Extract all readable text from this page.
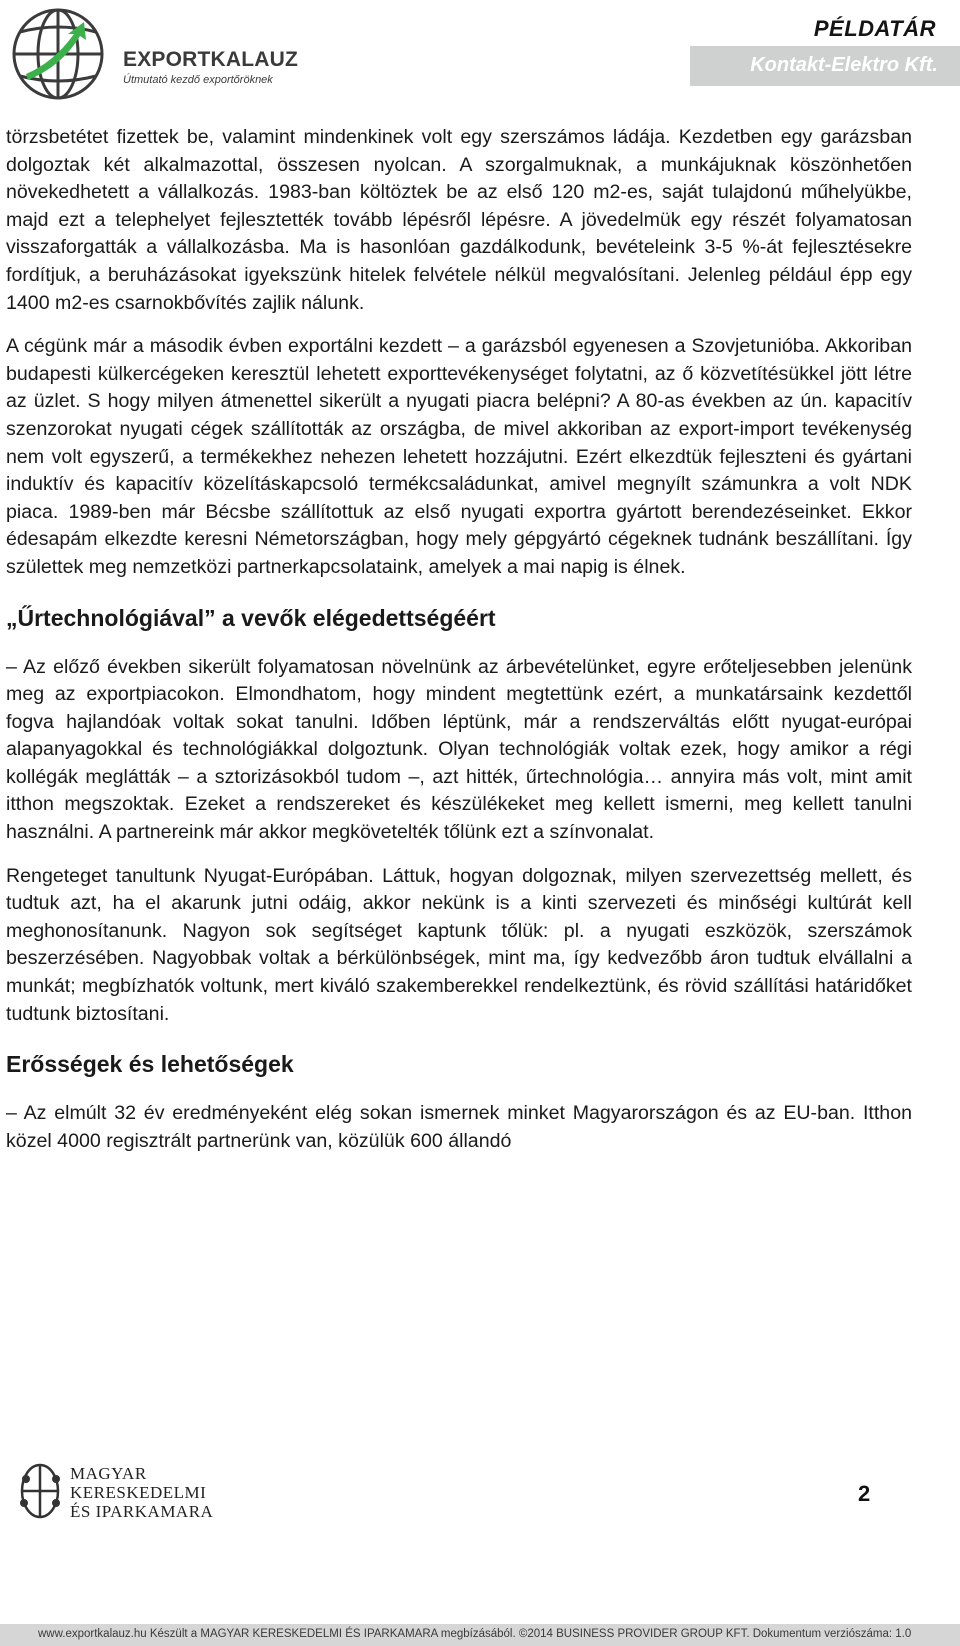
EXPORTKALAUZ
Útmutató kezdő exportőröknek
PÉLDATÁR
Kontakt-Elektro Kft.

törzsbetétet fizettek be, valamint mindenkinek volt egy szerszámos ládája. Kezdetben egy garázsban dolgoztak két alkalmazottal, összesen nyolcan. A szorgalmuknak, a munkájuknak köszönhetően növekedhetett a vállalkozás. 1983-ban költöztek be az első 120 m2-es, saját tulajdonú műhelyükbe, majd ezt a telephelyet fejlesztették tovább lépésről lépésre. A jövedelmük egy részét folyamatosan visszaforgatták a vállalkozásba. Ma is hasonlóan gazdálkodunk, bevételeink 3-5 %-át fejlesztésekre fordítjuk, a beruházásokat igyekszünk hitelek felvétele nélkül megvalósítani. Jelenleg például épp egy 1400 m2-es csarnokbővítés zajlik nálunk.

A cégünk már a második évben exportálni kezdett – a garázsból egyenesen a Szovjetunióba. Akkoriban budapesti külkercégeken keresztül lehetett exporttevékenységet folytatni, az ő közvetítésükkel jött létre az üzlet. S hogy milyen átmenettel sikerült a nyugati piacra belépni? A 80-as években az ún. kapacitív szenzorokat nyugati cégek szállították az országba, de mivel akkoriban az export-import tevékenység nem volt egyszerű, a termékekhez nehezen lehetett hozzájutni. Ezért elkezdtük fejleszteni és gyártani induktív és kapacitív közelításkapcsoló termékcsaládunkat, amivel megnyílt számunkra a volt NDK piaca. 1989-ben már Bécsbe szállítottuk az első nyugati exportra gyártott berendezéseinket. Ekkor édesapám elkezdte keresni Németországban, hogy mely gépgyártó cégeknek tudnánk beszállítani. Így születtek meg nemzetközi partnerkapcsolataink, amelyek a mai napig is élnek.

„Űrtechnológiával” a vevők elégedettségéért

– Az előző években sikerült folyamatosan növelnünk az árbevételünket, egyre erőteljesebben jelenünk meg az exportpiacokon. Elmondhatom, hogy mindent megtettünk ezért, a munkatársaink kezdettől fogva hajlandóak voltak sokat tanulni. Időben léptünk, már a rendszerváltás előtt nyugat-európai alapanyagokkal és technológiákkal dolgoztunk. Olyan technológiák voltak ezek, hogy amikor a régi kollégák meglátták – a sztorizásokból tudom –, azt hitték, űrtechnológia… annyira más volt, mint amit itthon megszoktak. Ezeket a rendszereket és készülékeket meg kellett ismerni, meg kellett tanulni használni. A partnereink már akkor megkövetelték tőlünk ezt a színvonalat.

Rengeteget tanultunk Nyugat-Európában. Láttuk, hogyan dolgoznak, milyen szervezettség mellett, és tudtuk azt, ha el akarunk jutni odáig, akkor nekünk is a kinti szervezeti és minőségi kultúrát kell meghonosítanunk. Nagyon sok segítséget kaptunk tőlük: pl. a nyugati eszközök, szerszámok beszerzésében. Nagyobbak voltak a bérkülönbségek, mint ma, így kedvezőbb áron tudtuk elvállalni a munkát; megbízhatók voltunk, mert kiváló szakemberekkel rendelkeztünk, és rövid szállítási határidőket tudtunk biztosítani.

Erősségek és lehetőségek

– Az elmúlt 32 év eredményeként elég sokan ismernek minket Magyarországon és az EU-ban. Itthon közel 4000 regisztrált partnerünk van, közülük 600 állandó

MAGYAR
KERESKEDELMI
ÉS IPARKAMARA
2
www.exportkalauz.hu Készült a MAGYAR KERESKEDELMI ÉS IPARKAMARA megbízásából. ©2014 BUSINESS PROVIDER GROUP KFT. Dokumentum verziószáma: 1.0
